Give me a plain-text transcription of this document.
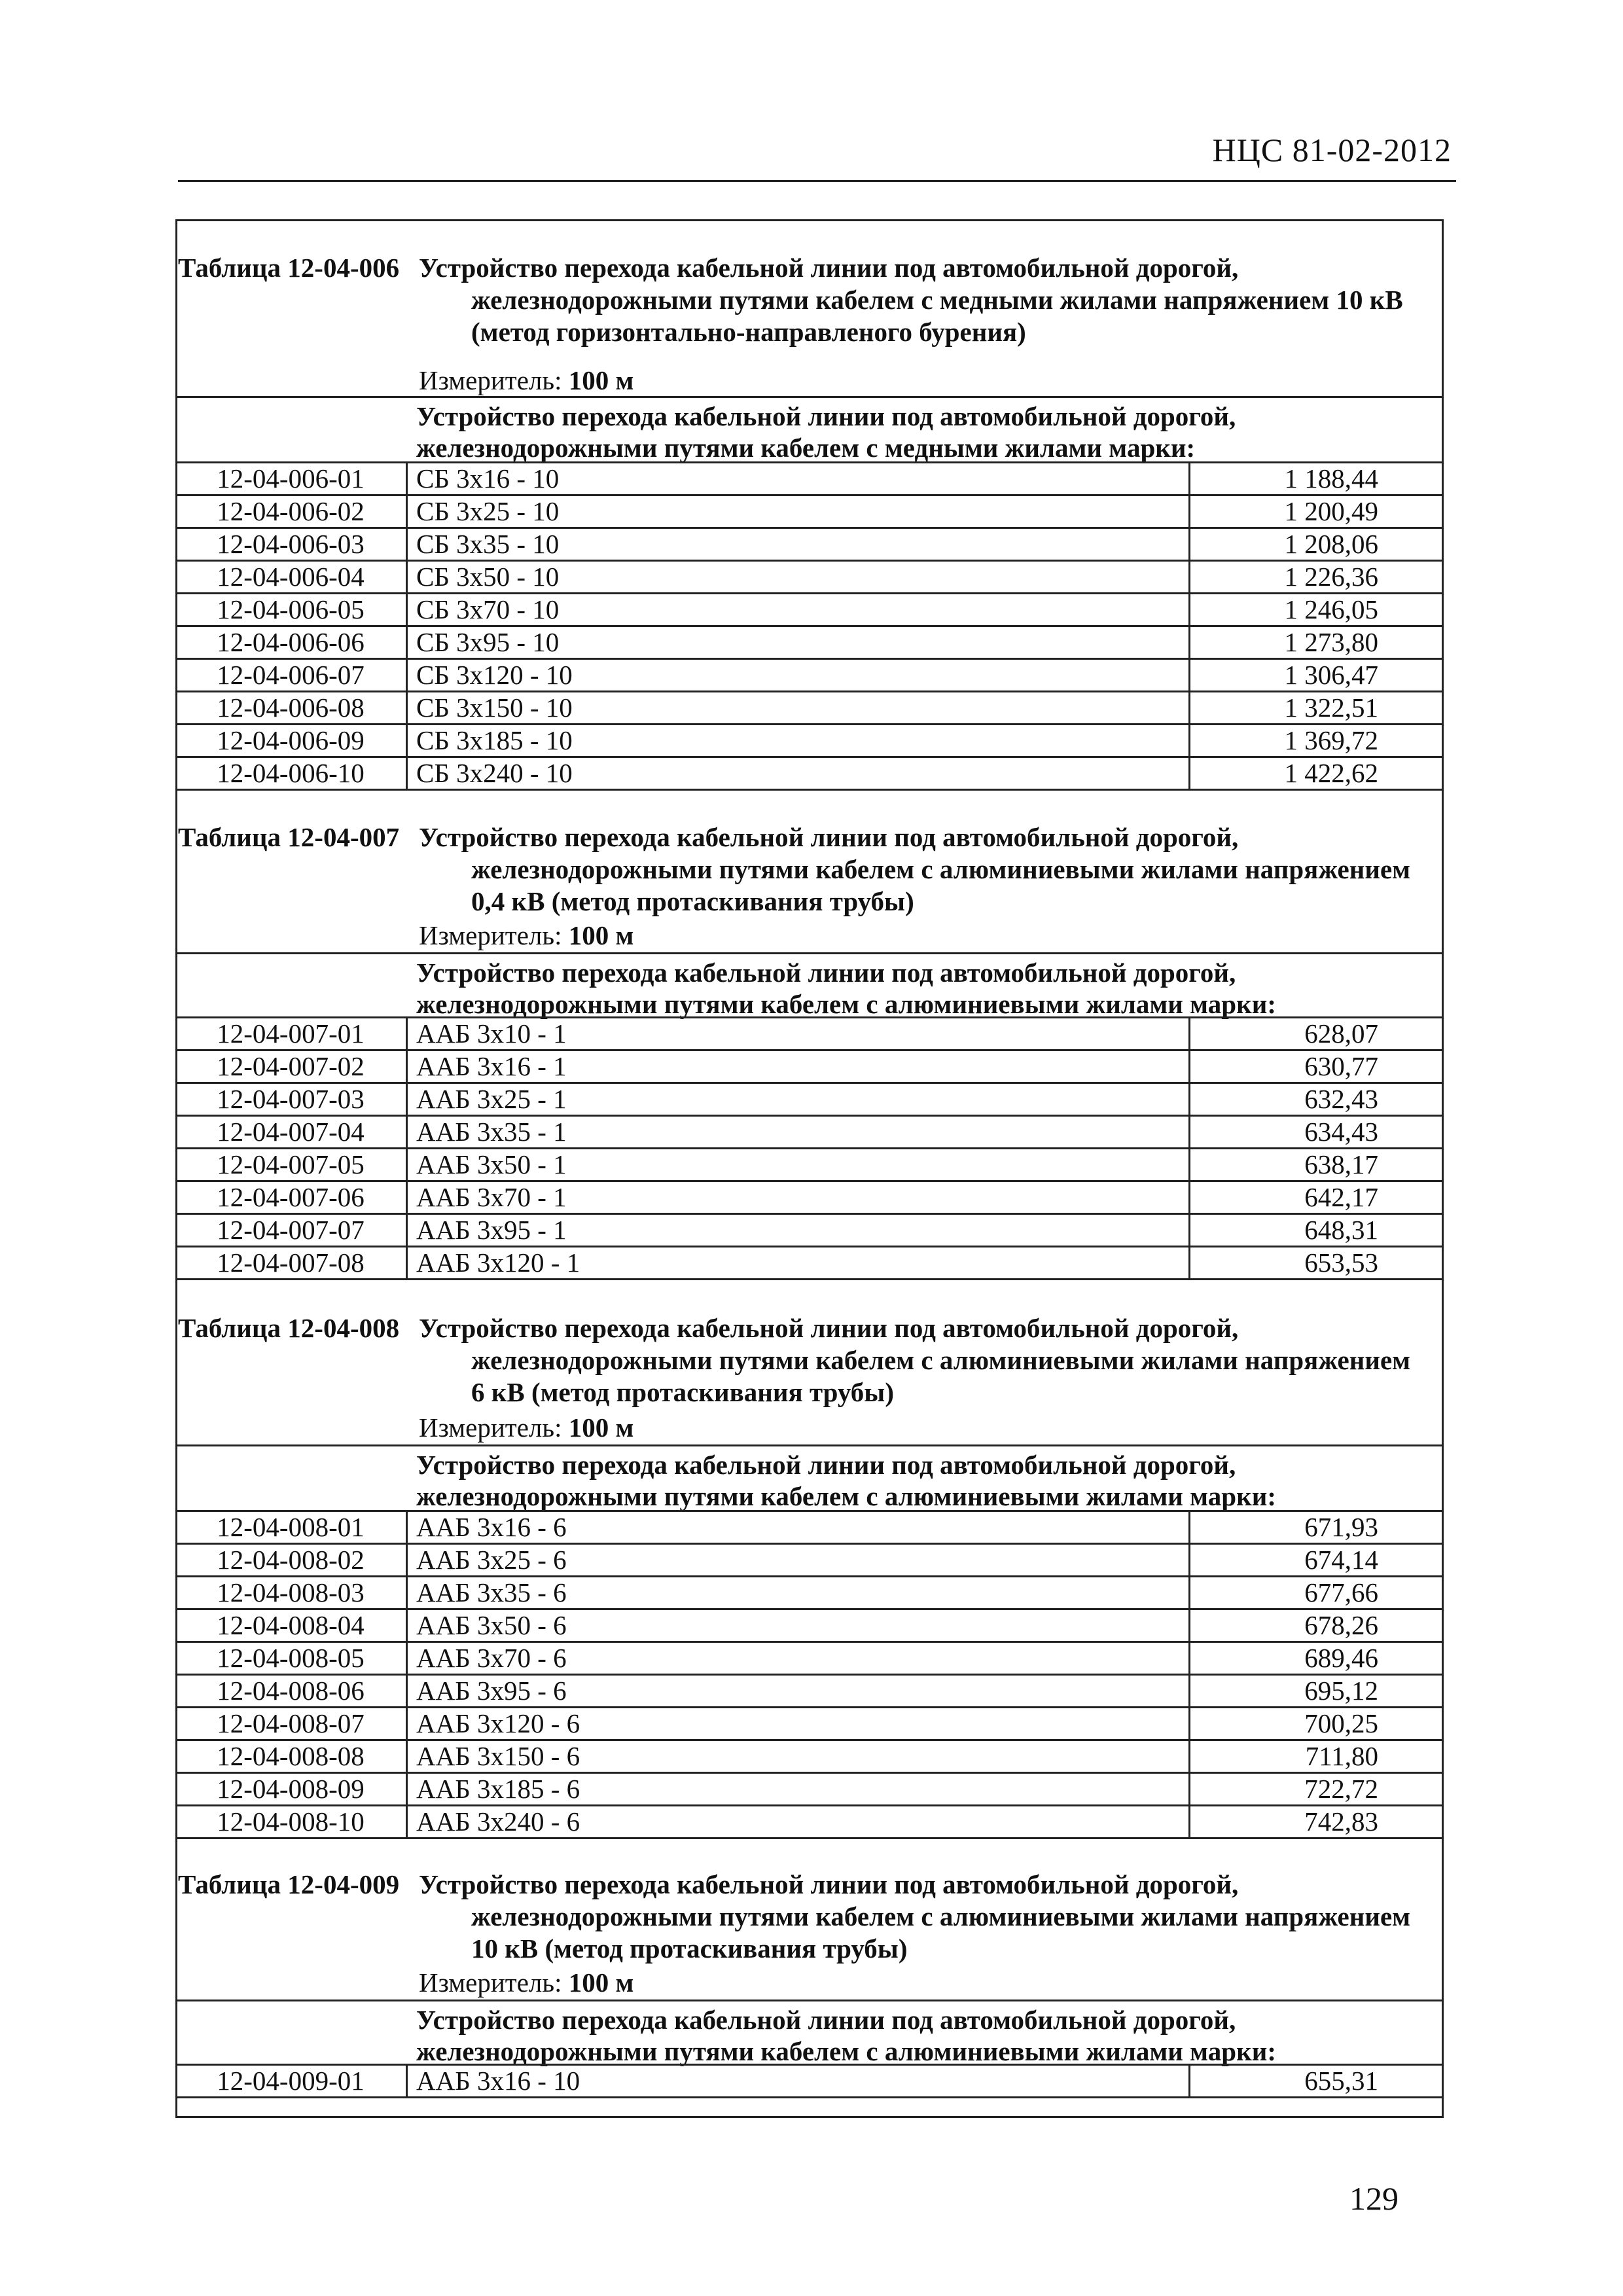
НЦС 81-02-2012
Таблица 12-04-006 Устройство перехода кабельной линии под автомобильной дорогой,
железнодорожными путями кабелем с медными жилами напряжением 10 кВ
(метод горизонтально-направленого бурения)
Измеритель: 100 м
Устройство перехода кабельной линии под автомобильной дорогой,
железнодорожными путями кабелем с медными жилами марки:
12-04-006-01	СБ 3x16 - 10	1 188,44
12-04-006-02	СБ 3x25 - 10	1 200,49
12-04-006-03	СБ 3x35 - 10	1 208,06
12-04-006-04	СБ 3x50 - 10	1 226,36
12-04-006-05	СБ 3x70 - 10	1 246,05
12-04-006-06	СБ 3x95 - 10	1 273,80
12-04-006-07	СБ 3x120 - 10	1 306,47
12-04-006-08	СБ 3x150 - 10	1 322,51
12-04-006-09	СБ 3x185 - 10	1 369,72
12-04-006-10	СБ 3x240 - 10	1 422,62
Таблица 12-04-007 Устройство перехода кабельной линии под автомобильной дорогой,
железнодорожными путями кабелем с алюминиевыми жилами напряжением
0,4 кВ (метод протаскивания трубы)
Измеритель: 100 м
Устройство перехода кабельной линии под автомобильной дорогой,
железнодорожными путями кабелем с алюминиевыми жилами марки:
12-04-007-01	ААБ 3x10 - 1	628,07
12-04-007-02	ААБ 3x16 - 1	630,77
12-04-007-03	ААБ 3x25 - 1	632,43
12-04-007-04	ААБ 3x35 - 1	634,43
12-04-007-05	ААБ 3x50 - 1	638,17
12-04-007-06	ААБ 3x70 - 1	642,17
12-04-007-07	ААБ 3x95 - 1	648,31
12-04-007-08	ААБ 3x120 - 1	653,53
Таблица 12-04-008 Устройство перехода кабельной линии под автомобильной дорогой,
железнодорожными путями кабелем с алюминиевыми жилами напряжением
6 кВ (метод протаскивания трубы)
Измеритель: 100 м
Устройство перехода кабельной линии под автомобильной дорогой,
железнодорожными путями кабелем с алюминиевыми жилами марки:
12-04-008-01	ААБ 3x16 - 6	671,93
12-04-008-02	ААБ 3x25 - 6	674,14
12-04-008-03	ААБ 3x35 - 6	677,66
12-04-008-04	ААБ 3x50 - 6	678,26
12-04-008-05	ААБ 3x70 - 6	689,46
12-04-008-06	ААБ 3x95 - 6	695,12
12-04-008-07	ААБ 3x120 - 6	700,25
12-04-008-08	ААБ 3x150 - 6	711,80
12-04-008-09	ААБ 3x185 - 6	722,72
12-04-008-10	ААБ 3x240 - 6	742,83
Таблица 12-04-009 Устройство перехода кабельной линии под автомобильной дорогой,
железнодорожными путями кабелем с алюминиевыми жилами напряжением
10 кВ (метод протаскивания трубы)
Измеритель: 100 м
129
Устройство перехода кабельной линии под автомобильной дорогой,
железнодорожными путями кабелем с алюминиевыми жилами марки:
12-04-009-01	ААБ 3x16 - 10	655,31
